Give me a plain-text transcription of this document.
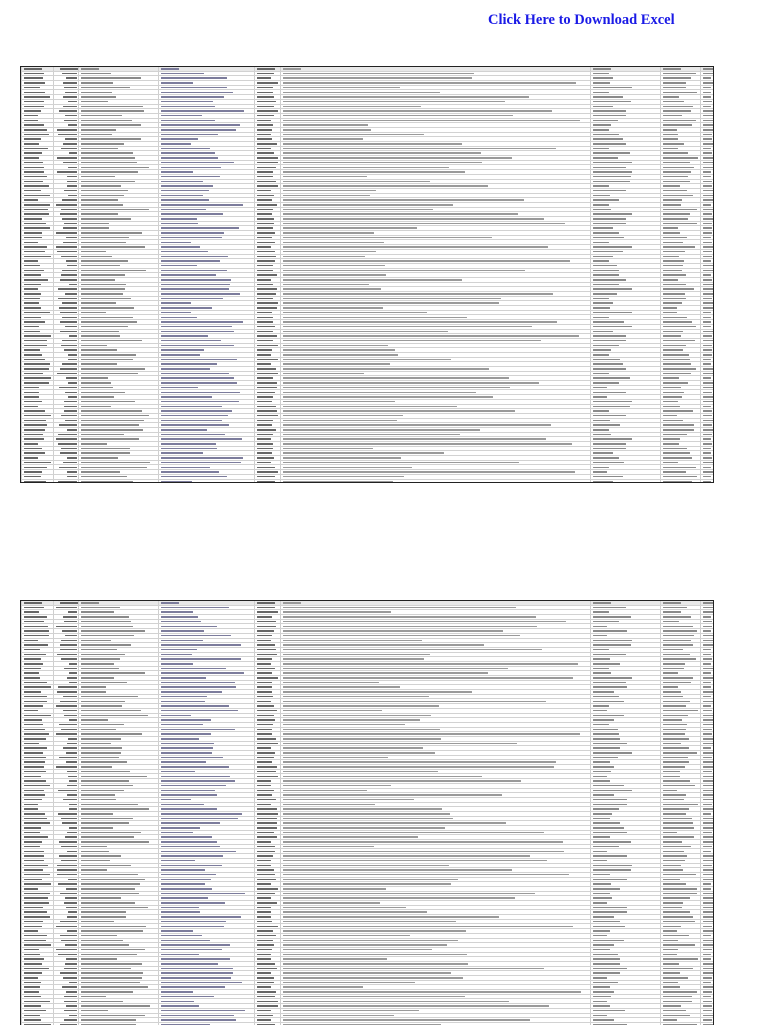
Click Here to Download Excel
